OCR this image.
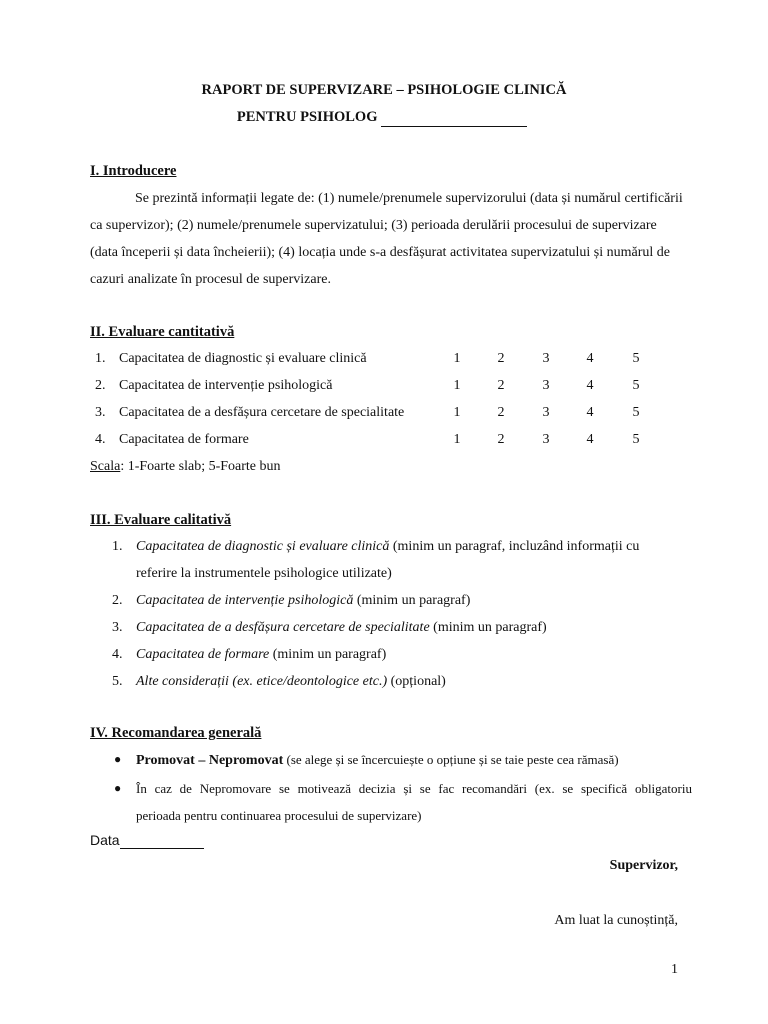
RAPORT DE SUPERVIZARE – PSIHOLOGIE CLINICĂ
PENTRU PSIHOLOG
I. Introducere
Se prezintă informații legate de: (1) numele/prenumele supervizorului (data și numărul certificării ca supervizor); (2) numele/prenumele supervizatului; (3) perioada derulării procesului de supervizare (data începerii și data încheierii); (4) locația unde s-a desfășurat activitatea supervizatului și numărul de cazuri analizate în procesul de supervizare.
II. Evaluare cantitativă
1. Capacitatea de diagnostic și evaluare clinică	1	2	3	4	5
2. Capacitatea de intervenție psihologică	1	2	3	4	5
3. Capacitatea de a desfășura cercetare de specialitate	1	2	3	4	5
4. Capacitatea de formare	1	2	3	4	5
Scala: 1-Foarte slab; 5-Foarte bun
III. Evaluare calitativă
1. Capacitatea de diagnostic și evaluare clinică (minim un paragraf, incluzând informații cu
referire la instrumentele psihologice utilizate)
2. Capacitatea de intervenție psihologică (minim un paragraf)
3. Capacitatea de a desfășura cercetare de specialitate (minim un paragraf)
4. Capacitatea de formare (minim un paragraf)
5. Alte considerații (ex. etice/deontologice etc.) (opțional)
IV. Recomandarea generală
● Promovat – Nepromovat (se alege și se încercuiește o opțiune și se taie peste cea rămasă)
● În caz de Nepromovare se motivează decizia și se fac recomandări (ex. se specifică obligatoriu
perioada pentru continuarea procesului de supervizare)
Data
Supervizor,
Am luat la cunoștință,
1
